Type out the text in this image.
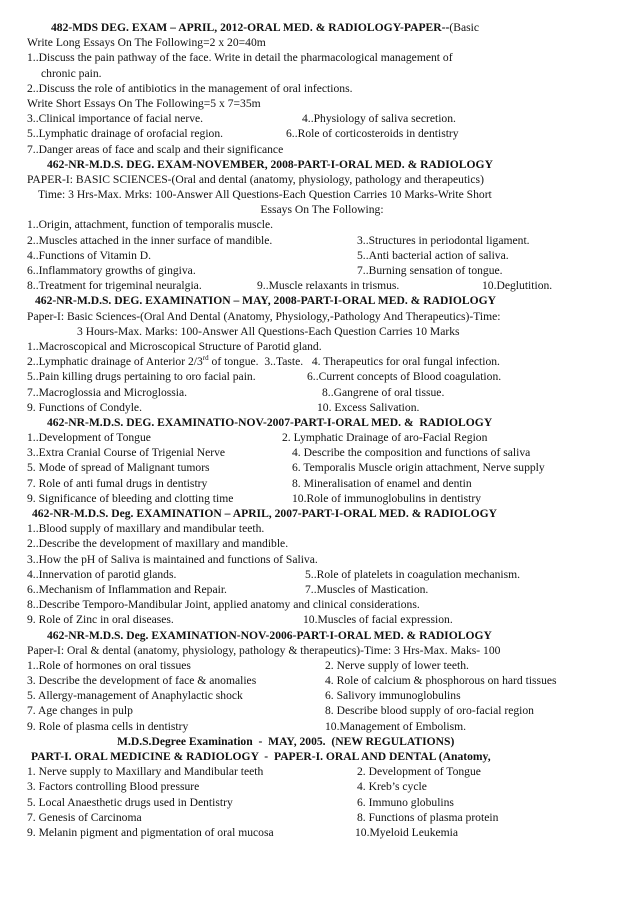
482-MDS DEG. EXAM – APRIL, 2012-ORAL MED. & RADIOLOGY-PAPER--(Basic
Write Long Essays On The Following=2 x 20=40m
1..Discuss the pain pathway of the face. Write in detail the pharmacological management of
chronic pain.
2..Discuss the role of antibiotics in the management of oral infections.
Write Short Essays On The Following=5 x 7=35m
3..Clinical importance of facial nerve.	4..Physiology of saliva secretion.
5..Lymphatic drainage of orofacial region.	6..Role of corticosteroids in dentistry
7..Danger areas of face and scalp and their significance
462-NR-M.D.S. DEG. EXAM-NOVEMBER, 2008-PART-I-ORAL MED. & RADIOLOGY
PAPER-I: BASIC SCIENCES-(Oral and dental (anatomy, physiology, pathology and therapeutics)
Time: 3 Hrs-Max. Mrks: 100-Answer All Questions-Each Question Carries 10 Marks-Write Short
Essays On The Following:
1..Origin, attachment, function of temporalis muscle.
2..Muscles attached in the inner surface of mandible.	3..Structures in periodontal ligament.
4..Functions of Vitamin D.	5..Anti bacterial action of saliva.
6..Inflammatory growths of gingiva.	7..Burning sensation of tongue.
8..Treatment for trigeminal neuralgia.	9..Muscle relaxants in trismus.	10.Deglutition.
462-NR-M.D.S. DEG. EXAMINATION – MAY, 2008-PART-I-ORAL MED. & RADIOLOGY
Paper-I: Basic Sciences-(Oral And Dental (Anatomy, Physiology,-Pathology And Therapeutics)-Time:
3 Hours-Max. Marks: 100-Answer All Questions-Each Question Carries 10 Marks
1..Macroscopical and Microscopical Structure of Parotid gland.
2..Lymphatic drainage of Anterior 2/3rd of tongue.  3..Taste.   4. Therapeutics for oral fungal infection.
5..Pain killing drugs pertaining to oro facial pain.	6..Current concepts of Blood coagulation.
7..Macroglossia and Microglossia.	8..Gangrene of oral tissue.
9. Functions of Condyle.	10. Excess Salivation.
462-NR-M.D.S. DEG. EXAMINATIO-NOV-2007-PART-I-ORAL MED. &  RADIOLOGY
1..Development of Tongue	2. Lymphatic Drainage of aro-Facial Region
3..Extra Cranial Course of Trigenial Nerve	4. Describe the composition and functions of saliva
5. Mode of spread of Malignant tumors	6. Temporalis Muscle origin attachment, Nerve supply
7. Role of anti fumal drugs in dentistry	8. Mineralisation of enamel and dentin
9. Significance of bleeding and clotting time	10.Role of immunoglobulins in dentistry
462-NR-M.D.S. Deg. EXAMINATION – APRIL, 2007-PART-I-ORAL MED. & RADIOLOGY
1..Blood supply of maxillary and mandibular teeth.
2..Describe the development of maxillary and mandible.
3..How the pH of Saliva is maintained and functions of Saliva.
4..Innervation of parotid glands.	5..Role of platelets in coagulation mechanism.
6..Mechanism of Inflammation and Repair.	7..Muscles of Mastication.
8..Describe Temporo-Mandibular Joint, applied anatomy and clinical considerations.
9. Role of Zinc in oral diseases.	10.Muscles of facial expression.
462-NR-M.D.S. Deg. EXAMINATION-NOV-2006-PART-I-ORAL MED. & RADIOLOGY
Paper-I: Oral & dental (anatomy, physiology, pathology & therapeutics)-Time: 3 Hrs-Max. Maks- 100
1..Role of hormones on oral tissues	2. Nerve supply of lower teeth.
3. Describe the development of face & anomalies	4. Role of calcium & phosphorous on hard tissues
5. Allergy-management of Anaphylactic shock	6. Salivory immunoglobulins
7. Age changes in pulp	8. Describe blood supply of oro-facial region
9. Role of plasma cells in dentistry	10.Management of Embolism.
M.D.S.Degree Examination  -  MAY, 2005.  (NEW REGULATIONS)
PART-I. ORAL MEDICINE & RADIOLOGY  -  PAPER-I. ORAL AND DENTAL (Anatomy,
1. Nerve supply to Maxillary and Mandibular teeth	2. Development of Tongue
3. Factors controlling Blood pressure	4. Kreb’s cycle
5. Local Anaesthetic drugs used in Dentistry	6. Immuno globulins
7. Genesis of Carcinoma	8. Functions of plasma protein
9. Melanin pigment and pigmentation of oral mucosa	10.Myeloid Leukemia
